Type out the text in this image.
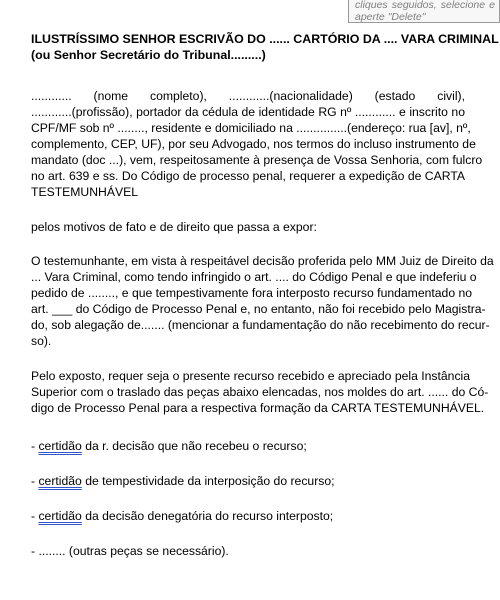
cliques seguidos, selecione e
aperte "Delete"
ILUSTRÍSSIMO SENHOR ESCRIVÃO DO ...... CARTÓRIO DA .... VARA CRIMINAL
(ou Senhor Secretário do Tribunal.........)
............ (nome completo), ............(nacionalidade) (estado civil),
............(profissão), portador da cédula de identidade RG nº ............ e inscrito no
CPF/MF sob nº ........, residente e domiciliado na ...............(endereço: rua [av], nº,
complemento, CEP, UF), por seu Advogado, nos termos do incluso instrumento de
mandato (doc ...), vem, respeitosamente à presença de Vossa Senhoria, com fulcro
no art. 639 e ss. Do Código de processo penal, requerer a expedição de CARTA
TESTEMUNHÁVEL
pelos motivos de fato e de direito que passa a expor:
O testemunhante, em vista à respeitável decisão proferida pelo MM Juiz de Direito da
... Vara Criminal, como tendo infringido o art. .... do Código Penal e que indeferiu o
pedido de ........, e que tempestivamente fora interposto recurso fundamentado no
art. ___ do Código de Processo Penal e, no entanto, não foi recebido pelo Magistra-
do, sob alegação de....... (mencionar a fundamentação do não recebimento do recur-
so).
Pelo exposto, requer seja o presente recurso recebido e apreciado pela Instância
Superior com o traslado das peças abaixo elencadas, nos moldes do art. ...... do Có-
digo de Processo Penal para a respectiva formação da CARTA TESTEMUNHÁVEL.
- certidão da r. decisão que não recebeu o recurso;
- certidão de tempestividade da interposição do recurso;
- certidão da decisão denegatória do recurso interposto;
- ........ (outras peças se necessário).
